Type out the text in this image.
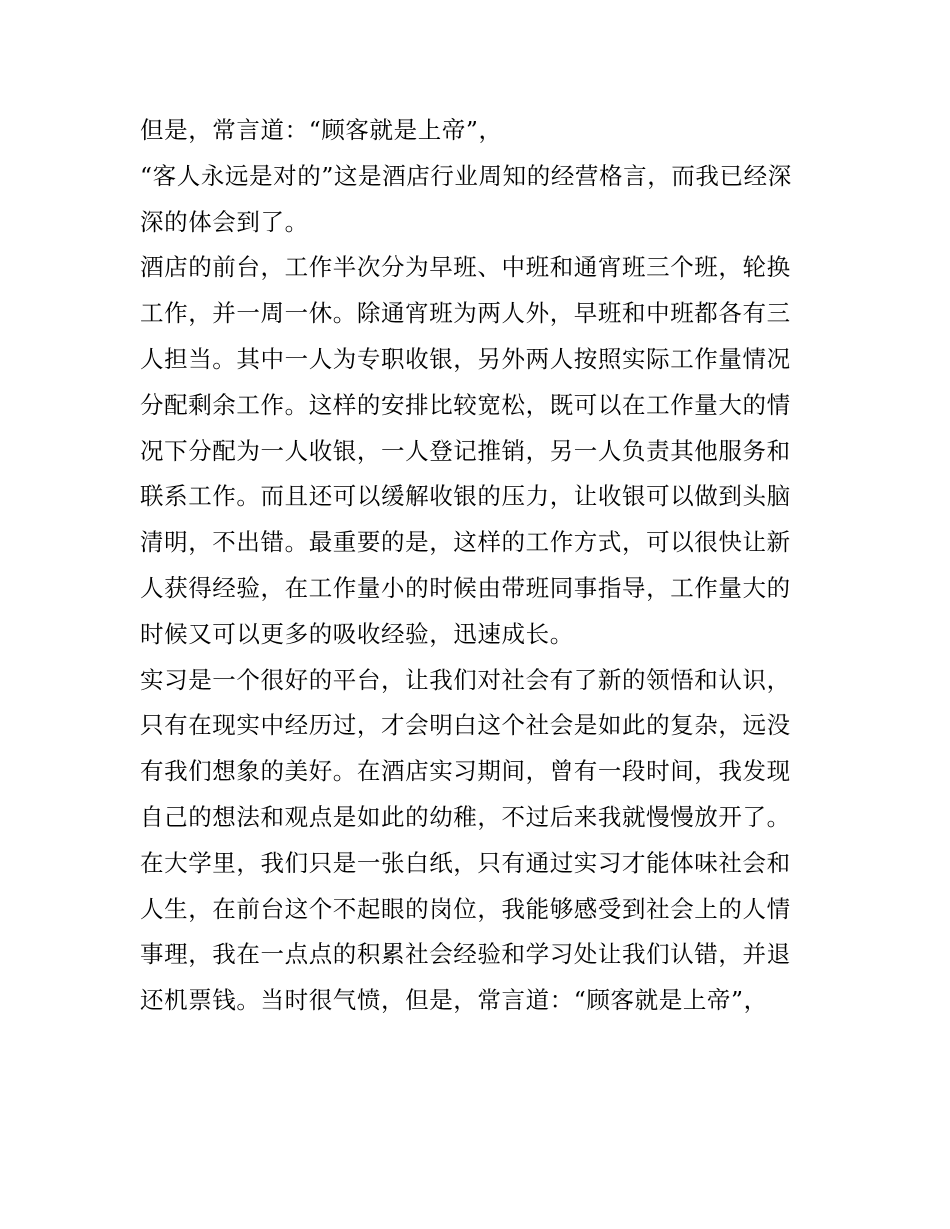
但是，常言道：“顾客就是上帝”，
“客人永远是对的”这是酒店行业周知的经营格言，而我已经深
深的体会到了。
酒店的前台，工作半次分为早班、中班和通宵班三个班，轮换
工作，并一周一休。除通宵班为两人外，早班和中班都各有三
人担当。其中一人为专职收银，另外两人按照实际工作量情况
分配剩余工作。这样的安排比较宽松，既可以在工作量大的情
况下分配为一人收银，一人登记推销，另一人负责其他服务和
联系工作。而且还可以缓解收银的压力，让收银可以做到头脑
清明，不出错。最重要的是，这样的工作方式，可以很快让新
人获得经验，在工作量小的时候由带班同事指导，工作量大的
时候又可以更多的吸收经验，迅速成长。
实习是一个很好的平台，让我们对社会有了新的领悟和认识，
只有在现实中经历过，才会明白这个社会是如此的复杂，远没
有我们想象的美好。在酒店实习期间，曾有一段时间，我发现
自己的想法和观点是如此的幼稚，不过后来我就慢慢放开了。
在大学里，我们只是一张白纸，只有通过实习才能体味社会和
人生，在前台这个不起眼的岗位，我能够感受到社会上的人情
事理，我在一点点的积累社会经验和学习处让我们认错，并退
还机票钱。当时很气愤，但是，常言道：“顾客就是上帝”，
